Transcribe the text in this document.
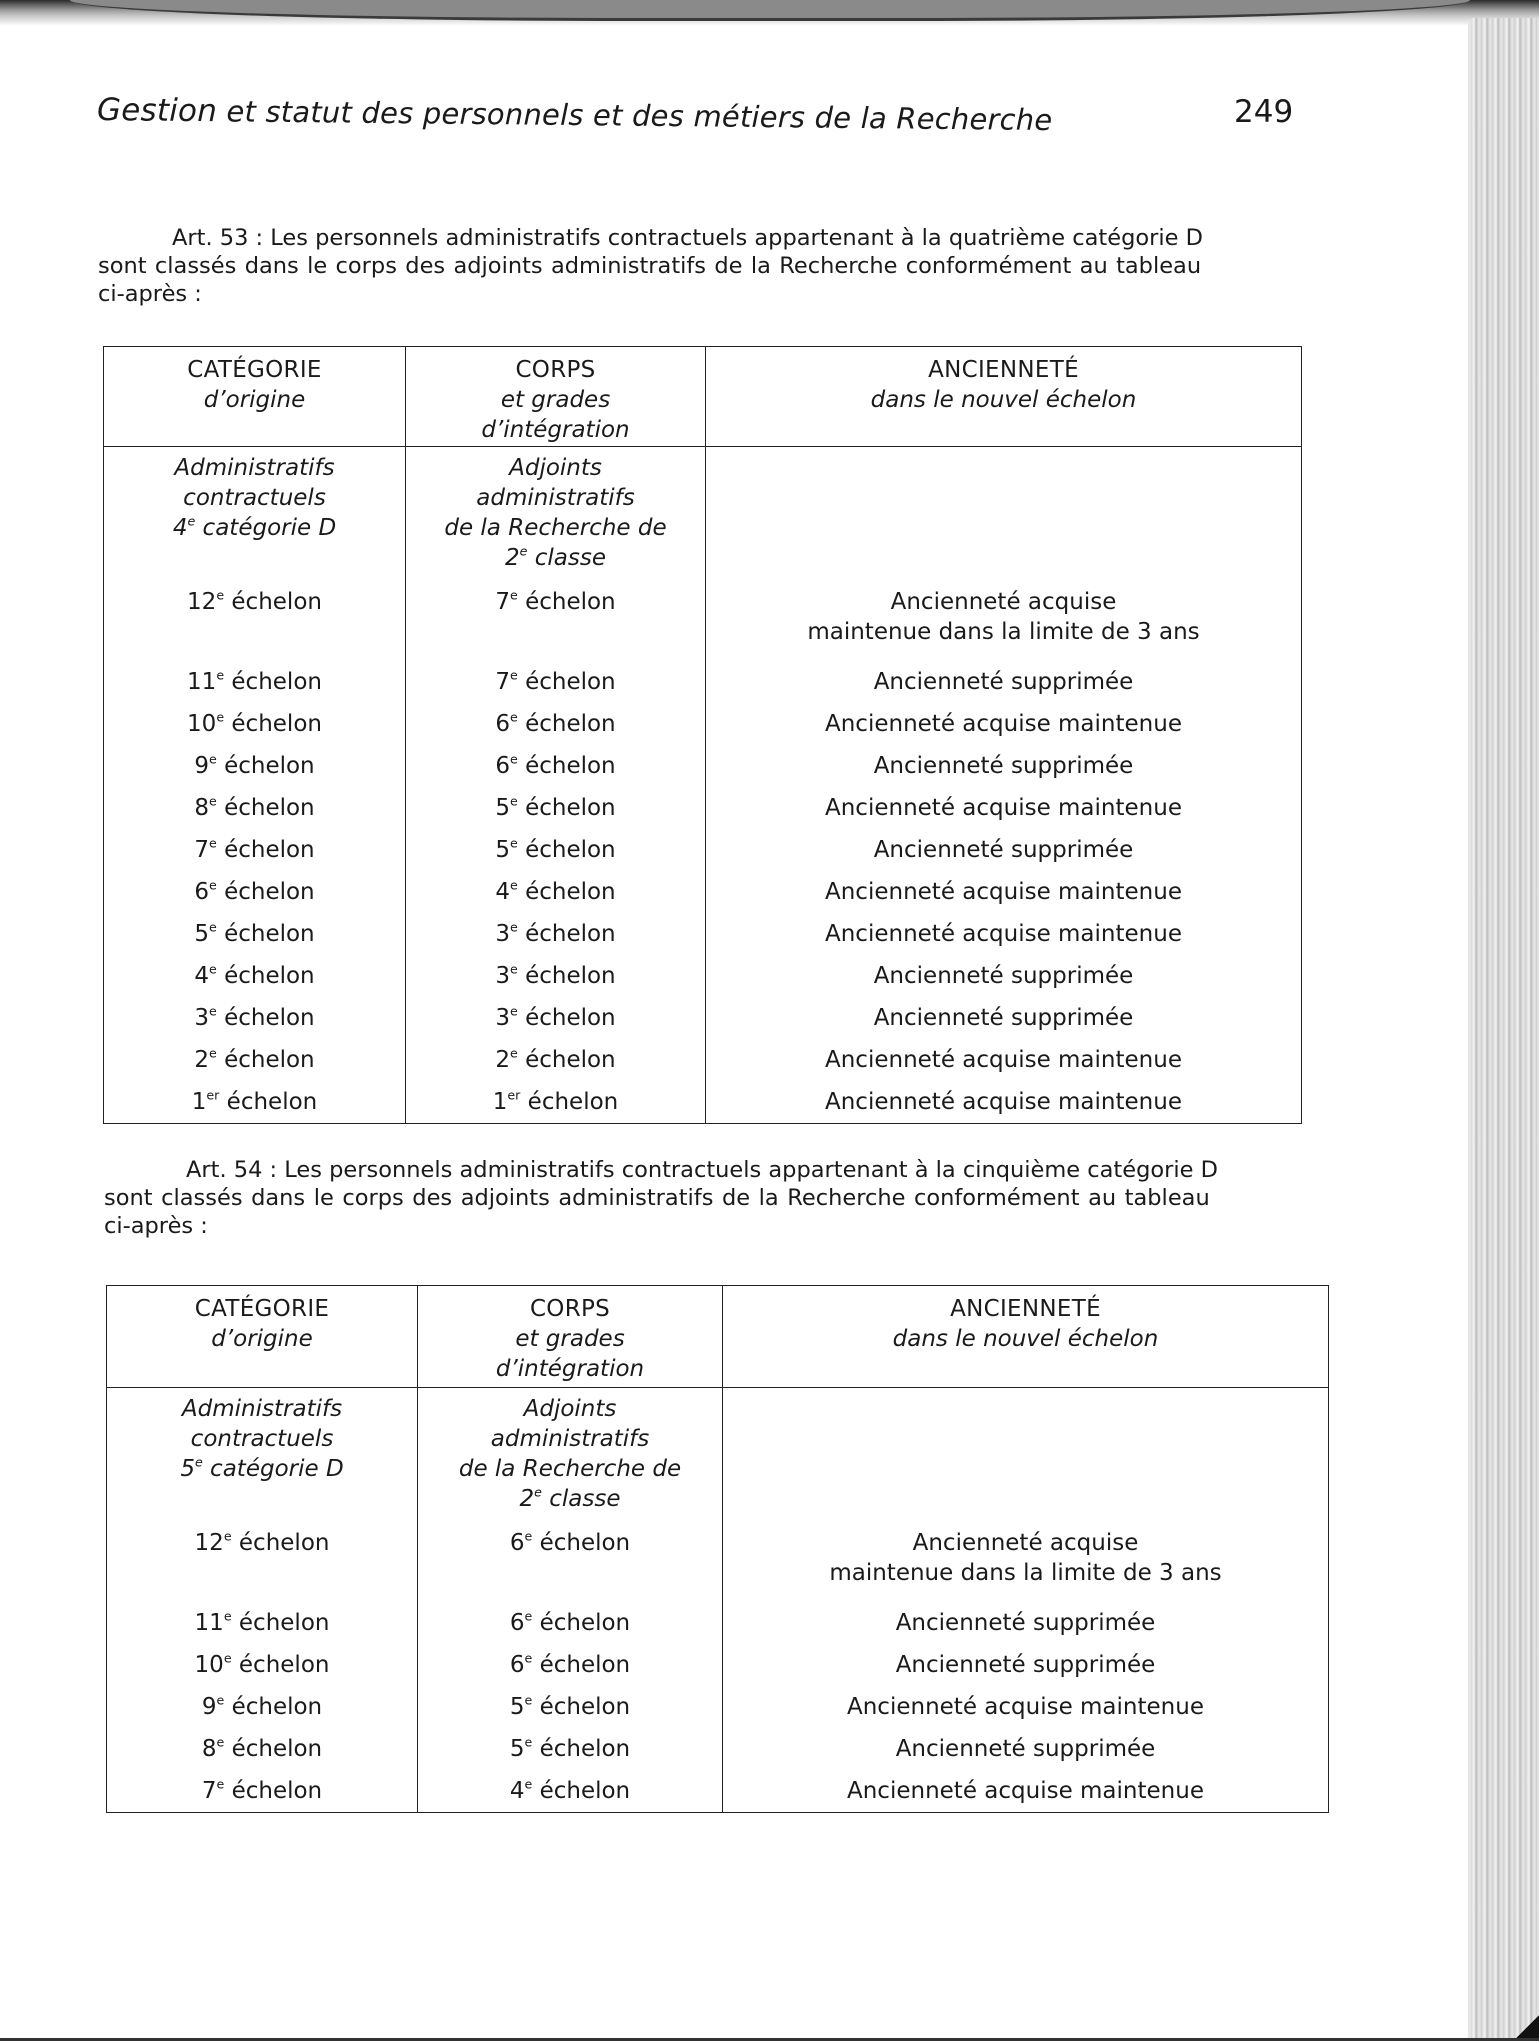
Gestion et statut des personnels et des métiers de la Recherche	249
Art. 53 : Les personnels administratifs contractuels appartenant à la quatrième catégorie D
sont classés dans le corps des adjoints administratifs de la Recherche conformément au tableau
ci-après :
CATÉGORIE
d’origine	CORPS
et grades
d’intégration	ANCIENNETÉ
dans le nouvel échelon

Administratifs
contractuels
4e catégorie D	Adjoints
administratifs
de la Recherche de
2e classe	

12e échelon	7e échelon	Ancienneté acquise
maintenue dans la limite de 3 ans
11e échelon	7e échelon	Ancienneté supprimée
10e échelon	6e échelon	Ancienneté acquise maintenue
9e échelon	6e échelon	Ancienneté supprimée
8e échelon	5e échelon	Ancienneté acquise maintenue
7e échelon	5e échelon	Ancienneté supprimée
6e échelon	4e échelon	Ancienneté acquise maintenue
5e échelon	3e échelon	Ancienneté acquise maintenue
4e échelon	3e échelon	Ancienneté supprimée
3e échelon	3e échelon	Ancienneté supprimée
2e échelon	2e échelon	Ancienneté acquise maintenue
1er échelon	1er échelon	Ancienneté acquise maintenue
Art. 54 : Les personnels administratifs contractuels appartenant à la cinquième catégorie D
sont classés dans le corps des adjoints administratifs de la Recherche conformément au tableau
ci-après :
CATÉGORIE
d’origine	CORPS
et grades
d’intégration	ANCIENNETÉ
dans le nouvel échelon

Administratifs
contractuels
5e catégorie D	Adjoints
administratifs
de la Recherche de
2e classe	

12e échelon	6e échelon	Ancienneté acquise
maintenue dans la limite de 3 ans
11e échelon	6e échelon	Ancienneté supprimée
10e échelon	6e échelon	Ancienneté supprimée
9e échelon	5e échelon	Ancienneté acquise maintenue
8e échelon	5e échelon	Ancienneté supprimée
7e échelon	4e échelon	Ancienneté acquise maintenue
